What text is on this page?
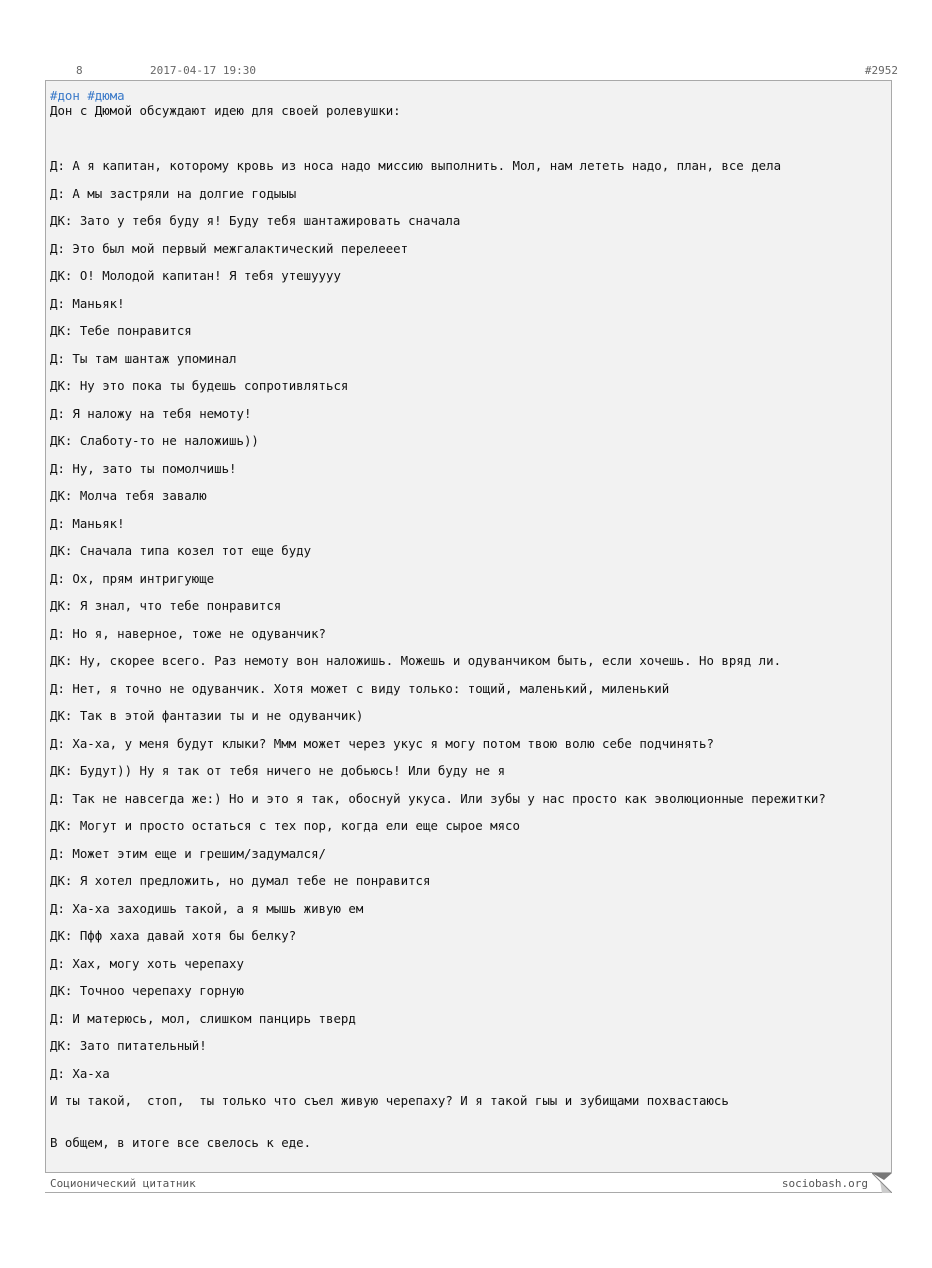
8	2017-04-17 19:30	#2952
#дон #дюма
Дон с Дюмой обсуждают идею для своей ролевушки:
Д: А я капитан, которому кровь из носа надо миссию выполнить. Мол, нам лететь надо, план, все дела
Д: А мы застряли на долгие годыыы
ДК: Зато у тебя буду я! Буду тебя шантажировать сначала
Д: Это был мой первый межгалактический перелееет
ДК: О! Молодой капитан! Я тебя утешуууу
Д: Маньяк!
ДК: Тебе понравится
Д: Ты там шантаж упоминал
ДК: Ну это пока ты будешь сопротивляться
Д: Я наложу на тебя немоту!
ДК: Слаботу-то не наложишь))
Д: Ну, зато ты помолчишь!
ДК: Молча тебя завалю
Д: Маньяк!
ДК: Сначала типа козел тот еще буду
Д: Ох, прям интригующе
ДК: Я знал, что тебе понравится
Д: Но я, наверное, тоже не одуванчик?
ДК: Ну, скорее всего. Раз немоту вон наложишь. Можешь и одуванчиком быть, если хочешь. Но вряд ли.
Д: Нет, я точно не одуванчик. Хотя может с виду только: тощий, маленький, миленький
ДК: Так в этой фантазии ты и не одуванчик)
Д: Ха-ха, у меня будут клыки? Ммм может через укус я могу потом твою волю себе подчинять?
ДК: Будут)) Ну я так от тебя ничего не добьюсь! Или буду не я
Д: Так не навсегда же:) Но и это я так, обоснуй укуса. Или зубы у нас просто как эволюционные пережитки?
ДК: Могут и просто остаться с тех пор, когда ели еще сырое мясо
Д: Может этим еще и грешим/задумался/
ДК: Я хотел предложить, но думал тебе не понравится
Д: Ха-ха заходишь такой, а я мышь живую ем
ДК: Пфф хаха давай хотя бы белку?
Д: Хах, могу хоть черепаху
ДК: Точноо черепаху горную
Д: И матерюсь, мол, слишком панцирь тверд
ДК: Зато питательный!
Д: Ха-ха
И ты такой,  стоп,  ты только что съел живую черепаху? И я такой гыы и зубищами похвастаюсь
В общем, в итоге все свелось к еде.
Соционический цитатник	sociobash.org
